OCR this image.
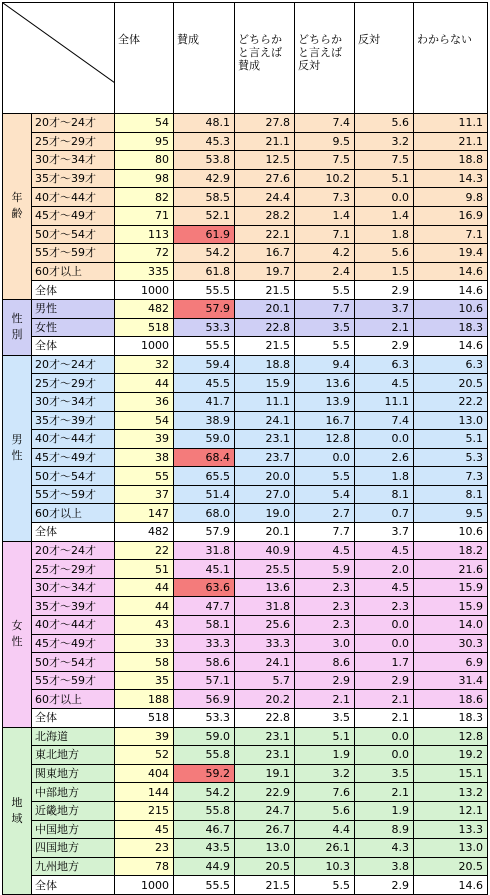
	全体	賛成	どちらかと言えば賛成	どちらかと言えば反対	反対	わからない
年齢	20才～24才	54	48.1	27.8	7.4	5.6	11.1
	25才～29才	95	45.3	21.1	9.5	3.2	21.1
	30才～34才	80	53.8	12.5	7.5	7.5	18.8
	35才～39才	98	42.9	27.6	10.2	5.1	14.3
	40才～44才	82	58.5	24.4	7.3	0.0	9.8
	45才～49才	71	52.1	28.2	1.4	1.4	16.9
	50才～54才	113	61.9	22.1	7.1	1.8	7.1
	55才～59才	72	54.2	16.7	4.2	5.6	19.4
	60才以上	335	61.8	19.7	2.4	1.5	14.6
	全体	1000	55.5	21.5	5.5	2.9	14.6
性別	男性	482	57.9	20.1	7.7	3.7	10.6
	女性	518	53.3	22.8	3.5	2.1	18.3
	全体	1000	55.5	21.5	5.5	2.9	14.6
男性	20才～24才	32	59.4	18.8	9.4	6.3	6.3
	25才～29才	44	45.5	15.9	13.6	4.5	20.5
	30才～34才	36	41.7	11.1	13.9	11.1	22.2
	35才～39才	54	38.9	24.1	16.7	7.4	13.0
	40才～44才	39	59.0	23.1	12.8	0.0	5.1
	45才～49才	38	68.4	23.7	0.0	2.6	5.3
	50才～54才	55	65.5	20.0	5.5	1.8	7.3
	55才～59才	37	51.4	27.0	5.4	8.1	8.1
	60才以上	147	68.0	19.0	2.7	0.7	9.5
	全体	482	57.9	20.1	7.7	3.7	10.6
女性	20才～24才	22	31.8	40.9	4.5	4.5	18.2
	25才～29才	51	45.1	25.5	5.9	2.0	21.6
	30才～34才	44	63.6	13.6	2.3	4.5	15.9
	35才～39才	44	47.7	31.8	2.3	2.3	15.9
	40才～44才	43	58.1	25.6	2.3	0.0	14.0
	45才～49才	33	33.3	33.3	3.0	0.0	30.3
	50才～54才	58	58.6	24.1	8.6	1.7	6.9
	55才～59才	35	57.1	5.7	2.9	2.9	31.4
	60才以上	188	56.9	20.2	2.1	2.1	18.6
	全体	518	53.3	22.8	3.5	2.1	18.3
地域	北海道	39	59.0	23.1	5.1	0.0	12.8
	東北地方	52	55.8	23.1	1.9	0.0	19.2
	関東地方	404	59.2	19.1	3.2	3.5	15.1
	中部地方	144	54.2	22.9	7.6	2.1	13.2
	近畿地方	215	55.8	24.7	5.6	1.9	12.1
	中国地方	45	46.7	26.7	4.4	8.9	13.3
	四国地方	23	43.5	13.0	26.1	4.3	13.0
	九州地方	78	44.9	20.5	10.3	3.8	20.5
	全体	1000	55.5	21.5	5.5	2.9	14.6
